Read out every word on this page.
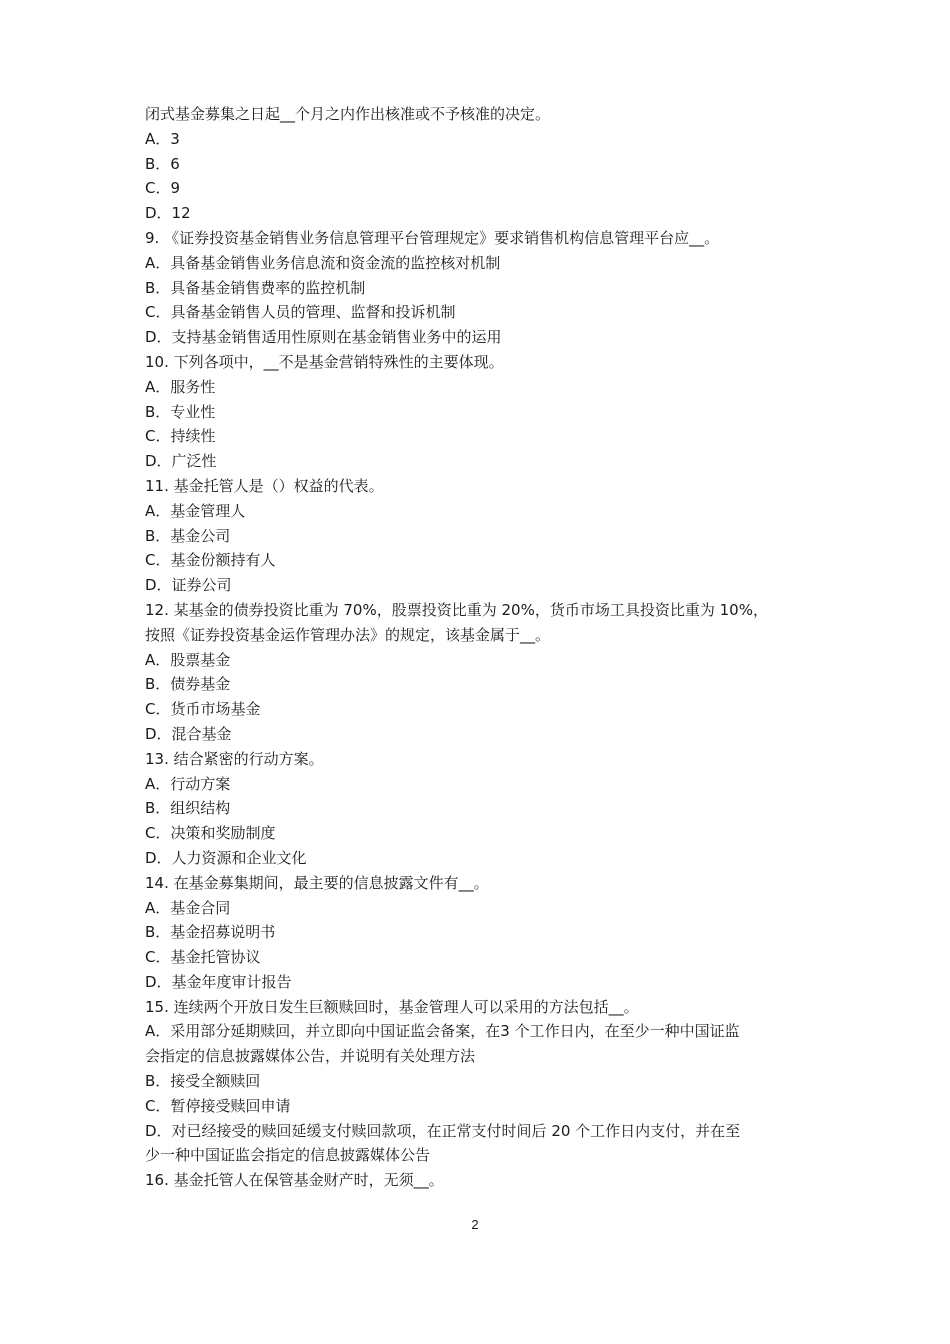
闭式基金募集之日起__个月之内作出核准或不予核准的决定。
A．3
B．6
C．9
D．12
9. 《证券投资基金销售业务信息管理平台管理规定》要求销售机构信息管理平台应__。
A．具备基金销售业务信息流和资金流的监控核对机制
B．具备基金销售费率的监控机制
C．具备基金销售人员的管理、监督和投诉机制
D．支持基金销售适用性原则在基金销售业务中的运用
10. 下列各项中，__不是基金营销特殊性的主要体现。
A．服务性
B．专业性
C．持续性
D．广泛性
11. 基金托管人是（）权益的代表。
A．基金管理人
B．基金公司
C．基金份额持有人
D．证券公司
12. 某基金的债券投资比重为 70%，股票投资比重为 20%，货币市场工具投资比重为 10%，
按照《证券投资基金运作管理办法》的规定，该基金属于__。
A．股票基金
B．债券基金
C．货币市场基金
D．混合基金
13. 结合紧密的行动方案。
A．行动方案
B．组织结构
C．决策和奖励制度
D．人力资源和企业文化
14. 在基金募集期间，最主要的信息披露文件有__。
A．基金合同
B．基金招募说明书
C．基金托管协议
D．基金年度审计报告
15. 连续两个开放日发生巨额赎回时，基金管理人可以采用的方法包括__。
A．采用部分延期赎回，并立即向中国证监会备案，在3 个工作日内，在至少一种中国证监
会指定的信息披露媒体公告，并说明有关处理方法
B．接受全额赎回
C．暂停接受赎回申请
D．对已经接受的赎回延缓支付赎回款项，在正常支付时间后 20 个工作日内支付，并在至
少一种中国证监会指定的信息披露媒体公告
16. 基金托管人在保管基金财产时，无须__。
2
